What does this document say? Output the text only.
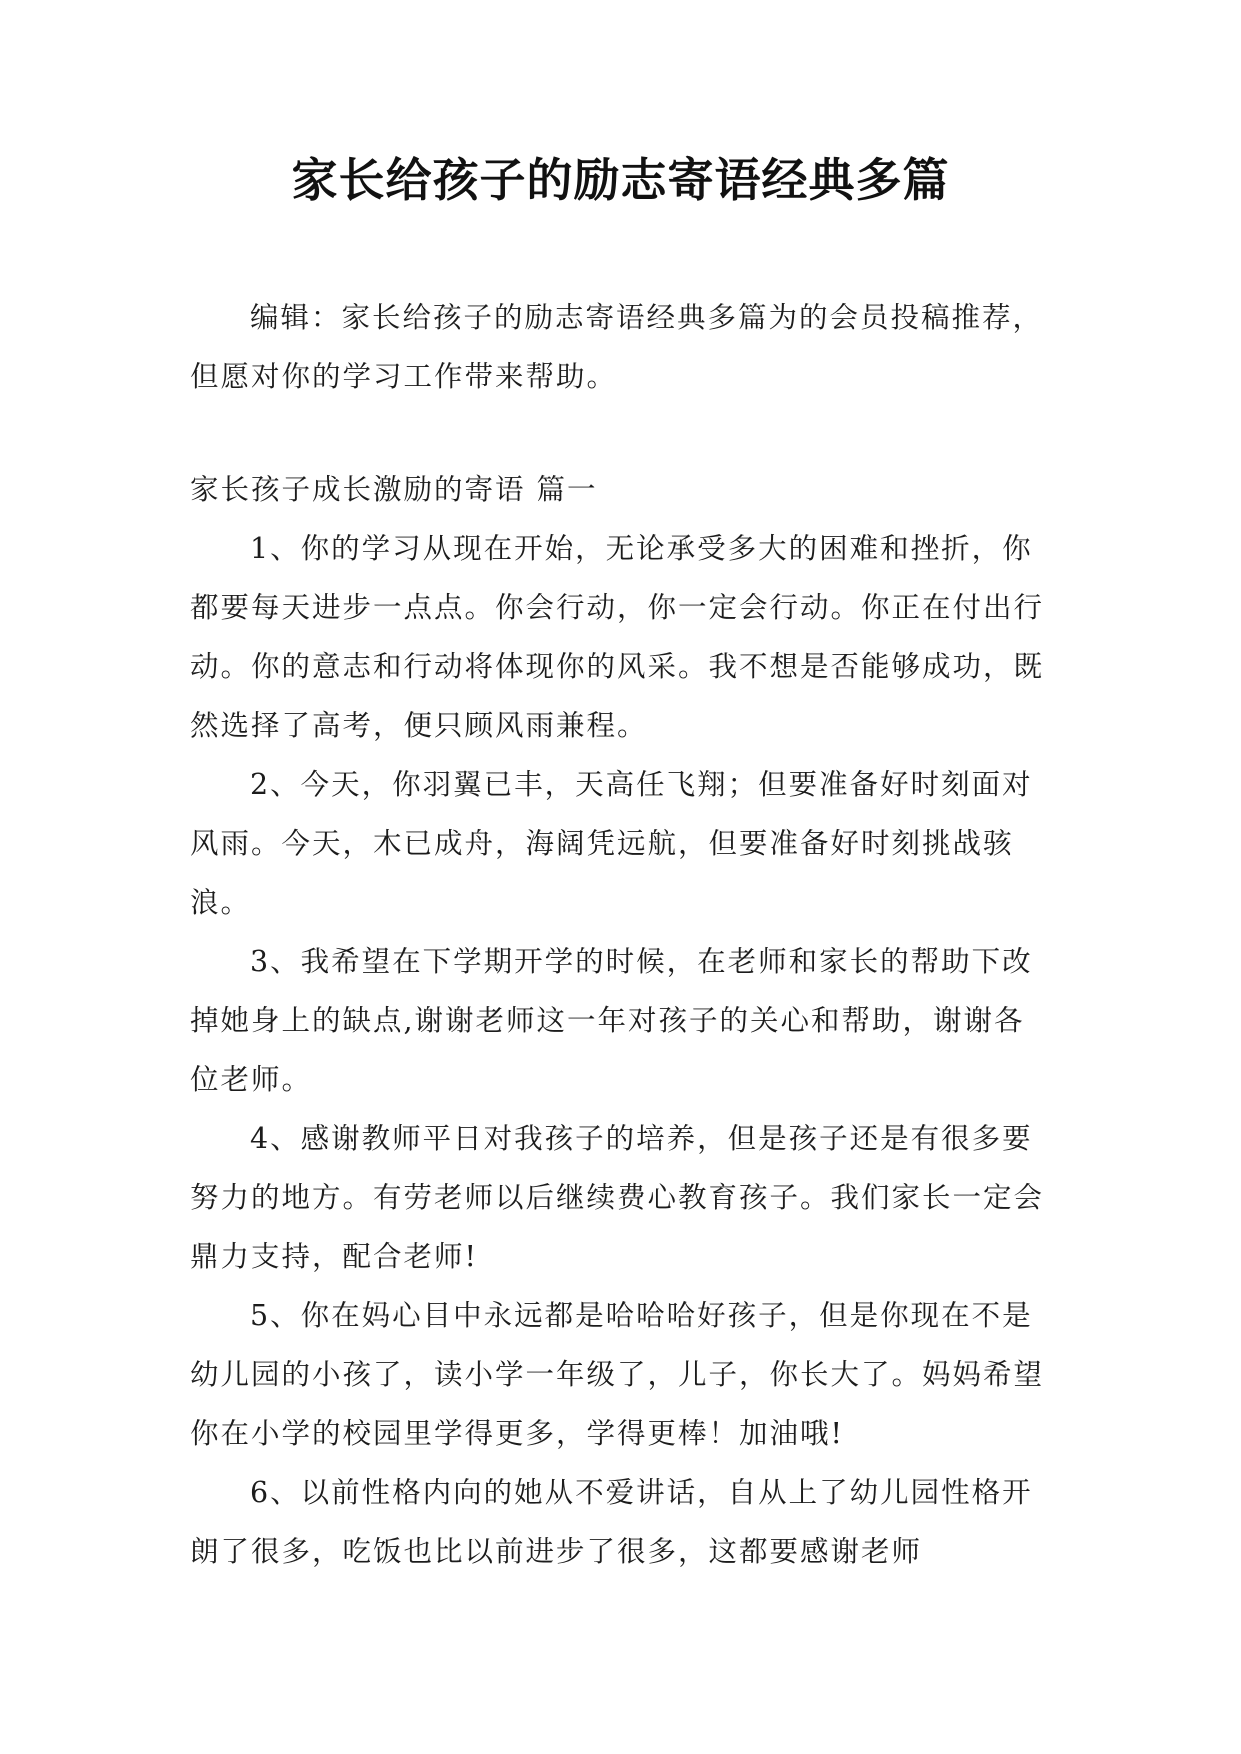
家长给孩子的励志寄语经典多篇

编辑：家长给孩子的励志寄语经典多篇为的会员投稿推荐，但愿对你的学习工作带来帮助。

家长孩子成长激励的寄语 篇一

1、你的学习从现在开始，无论承受多大的困难和挫折，你都要每天进步一点点。你会行动，你一定会行动。你正在付出行动。你的意志和行动将体现你的风采。我不想是否能够成功，既然选择了高考，便只顾风雨兼程。

2、今天，你羽翼已丰，天高任飞翔；但要准备好时刻面对风雨。今天，木已成舟，海阔凭远航，但要准备好时刻挑战骇浪。

3、我希望在下学期开学的时候，在老师和家长的帮助下改掉她身上的缺点,谢谢老师这一年对孩子的关心和帮助，谢谢各位老师。

4、感谢教师平日对我孩子的培养，但是孩子还是有很多要努力的地方。有劳老师以后继续费心教育孩子。我们家长一定会鼎力支持，配合老师!

5、你在妈心目中永远都是哈哈哈好孩子，但是你现在不是幼儿园的小孩了，读小学一年级了，儿子，你长大了。妈妈希望你在小学的校园里学得更多，学得更棒！加油哦!

6、以前性格内向的她从不爱讲话，自从上了幼儿园性格开朗了很多，吃饭也比以前进步了很多，这都要感谢老师
